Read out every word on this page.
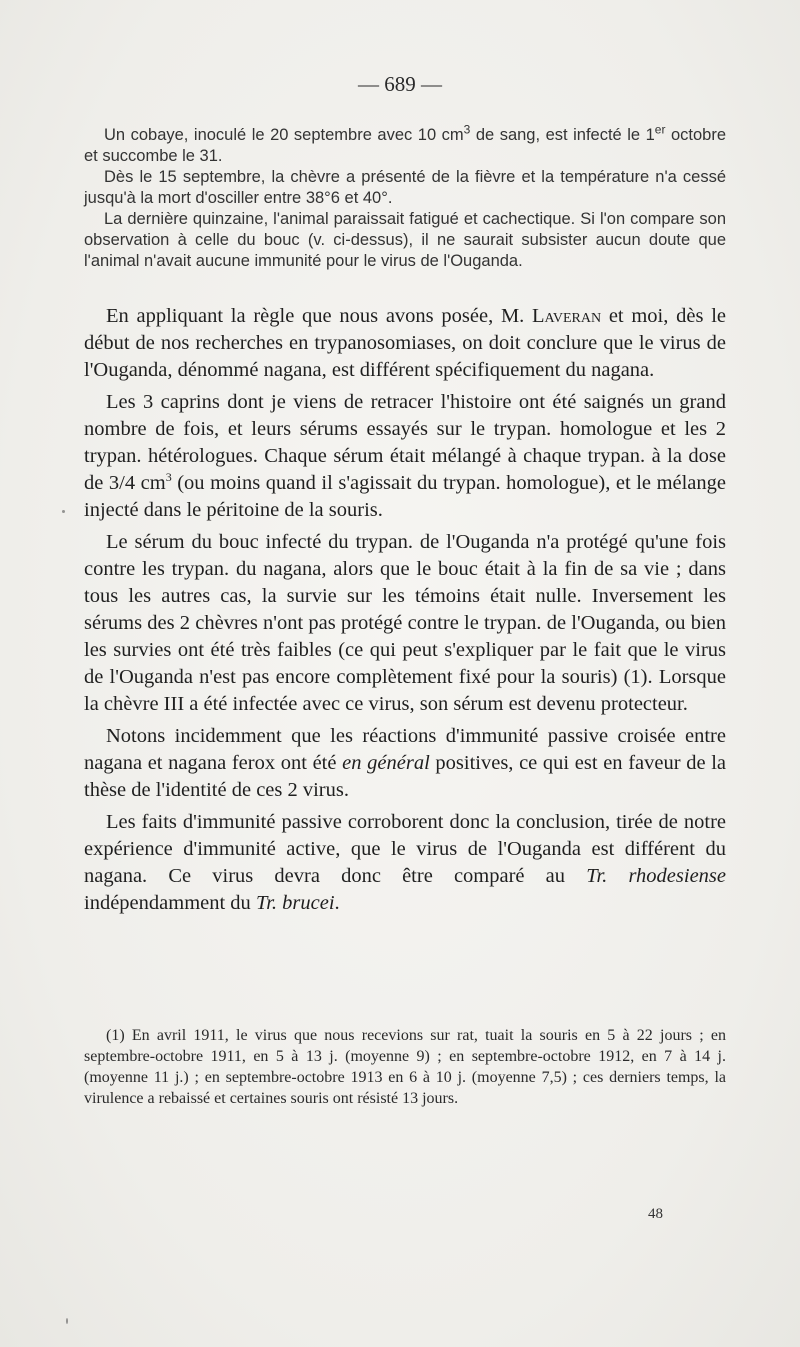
— 689 —

Un cobaye, inoculé le 20 septembre avec 10 $cm^3$ de sang, est infecté le 1er octobre et succombe le 31.

Dès le 15 septembre, la chèvre a présenté de la fièvre et la température n'a cessé jusqu'à la mort d'osciller entre 38°6 et 40°.

La dernière quinzaine, l'animal paraissait fatigué et cachectique. Si l'on compare son observation à celle du bouc (v. ci-dessus), il ne saurait subsister aucun doute que l'animal n'avait aucune immunité pour le virus de l'Ouganda.

En appliquant la règle que nous avons posée, M. Laveran et moi, dès le début de nos recherches en trypanosomiases, on doit conclure que le virus de l'Ouganda, dénommé nagana, est différent spécifiquement du nagana.

Les 3 caprins dont je viens de retracer l'histoire ont été saignés un grand nombre de fois, et leurs sérums essayés sur le trypan. homologue et les 2 trypan. hétérologues. Chaque sérum était mélangé à chaque trypan. à la dose de 3/4 $cm^3$ (ou moins quand il s'agissait du trypan. homologue), et le mélange injecté dans le péritoine de la souris.

Le sérum du bouc infecté du trypan. de l'Ouganda n'a protégé qu'une fois contre les trypan. du nagana, alors que le bouc était à la fin de sa vie ; dans tous les autres cas, la survie sur les témoins était nulle. Inversement les sérums des 2 chèvres n'ont pas protégé contre le trypan. de l'Ouganda, ou bien les survies ont été très faibles (ce qui peut s'expliquer par le fait que le virus de l'Ouganda n'est pas encore complètement fixé pour la souris) (1). Lorsque la chèvre III a été infectée avec ce virus, son sérum est devenu protecteur.

Notons incidemment que les réactions d'immunité passive croisée entre nagana et nagana ferox ont été en général positives, ce qui est en faveur de la thèse de l'identité de ces 2 virus.

Les faits d'immunité passive corroborent donc la conclusion, tirée de notre expérience d'immunité active, que le virus de l'Ouganda est différent du nagana. Ce virus devra donc être comparé au Tr. rhodesiense indépendamment du Tr. brucei.

(1) En avril 1911, le virus que nous recevions sur rat, tuait la souris en 5 à 22 jours ; en septembre-octobre 1911, en 5 à 13 j. (moyenne 9) ; en septembre-octobre 1912, en 7 à 14 j. (moyenne 11 j.) ; en septembre-octobre 1913 en 6 à 10 j. (moyenne 7,5) ; ces derniers temps, la virulence a rebaissé et certaines souris ont résisté 13 jours.

48
